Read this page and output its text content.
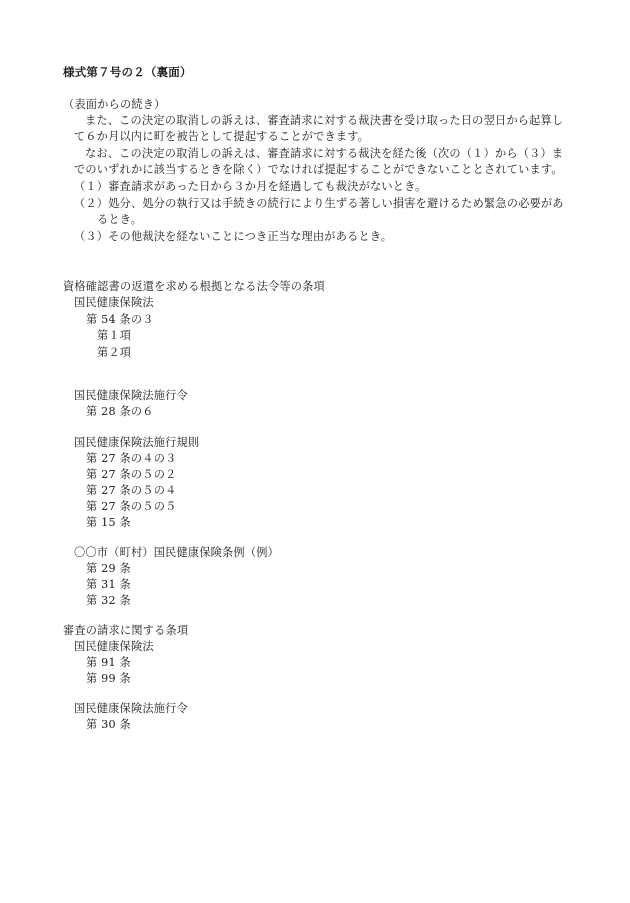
様式第７号の２（裏面）
（表面からの続き）
また、この決定の取消しの訴えは、審査請求に対する裁決書を受け取った日の翌日から起算し
て６か月以内に町を被告として提起することができます。
なお、この決定の取消しの訴えは、審査請求に対する裁決を経た後（次の（１）から（３）ま
でのいずれかに該当するときを除く）でなければ提起することができないこととされています。
（１）審査請求があった日から３か月を経過しても裁決がないとき。
（２）処分、処分の執行又は手続きの続行により生ずる著しい損害を避けるため緊急の必要があ
るとき。
（３）その他裁決を経ないことにつき正当な理由があるとき。
資格確認書の返還を求める根拠となる法令等の条項
国民健康保険法
第 54 条の３
第１項
第２項
国民健康保険法施行令
第 28 条の６
国民健康保険法施行規則
第 27 条の４の３
第 27 条の５の２
第 27 条の５の４
第 27 条の５の５
第 15 条
〇〇市（町村）国民健康保険条例（例）
第 29 条
第 31 条
第 32 条
審査の請求に関する条項
国民健康保険法
第 91 条
第 99 条
国民健康保険法施行令
第 30 条
